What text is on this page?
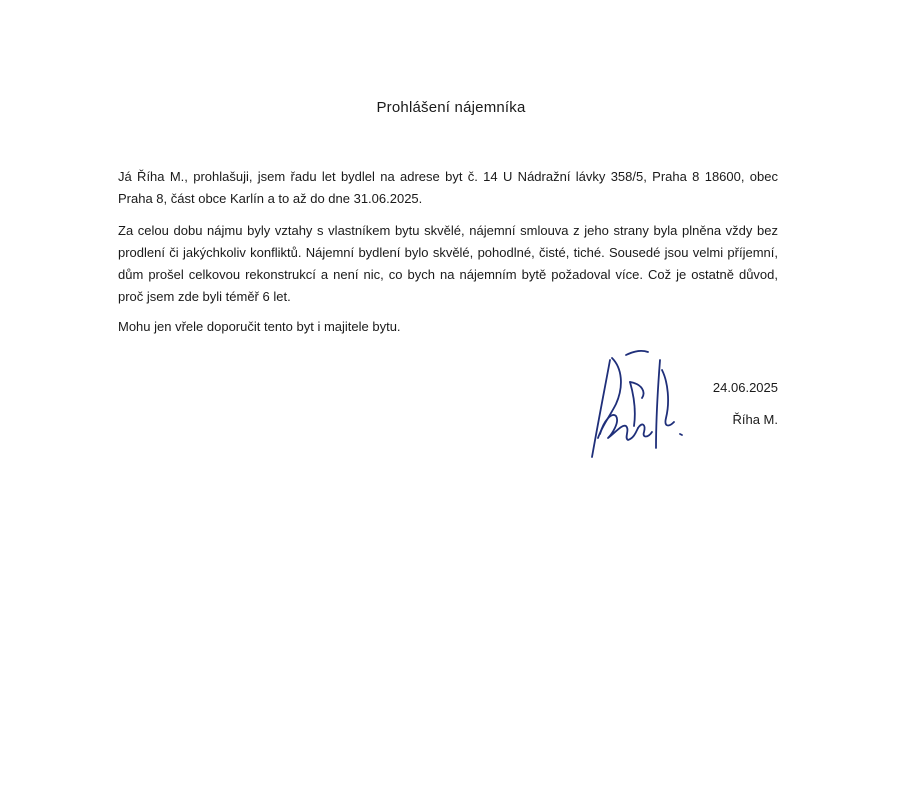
Prohlášení nájemníka

Já Říha M., prohlašuji, jsem řadu let bydlel na adrese byt č. 14 U Nádražní lávky 358/5, Praha 8 18600, obec Praha 8, část obce Karlín a to až do dne 31.06.2025.

Za celou dobu nájmu byly vztahy s vlastníkem bytu skvělé, nájemní smlouva z jeho strany byla plněna vždy bez prodlení či jakýchkoliv konfliktů. Nájemní bydlení bylo skvělé, pohodlné, čisté, tiché. Sousedé jsou velmi příjemní, dům prošel celkovou rekonstrukcí a není nic, co bych na nájemním bytě požadoval více. Což je ostatně důvod, proč jsem zde byli téměř 6 let.

Mohu jen vřele doporučit tento byt i majitele bytu.

24.06.2025
Říha M.
